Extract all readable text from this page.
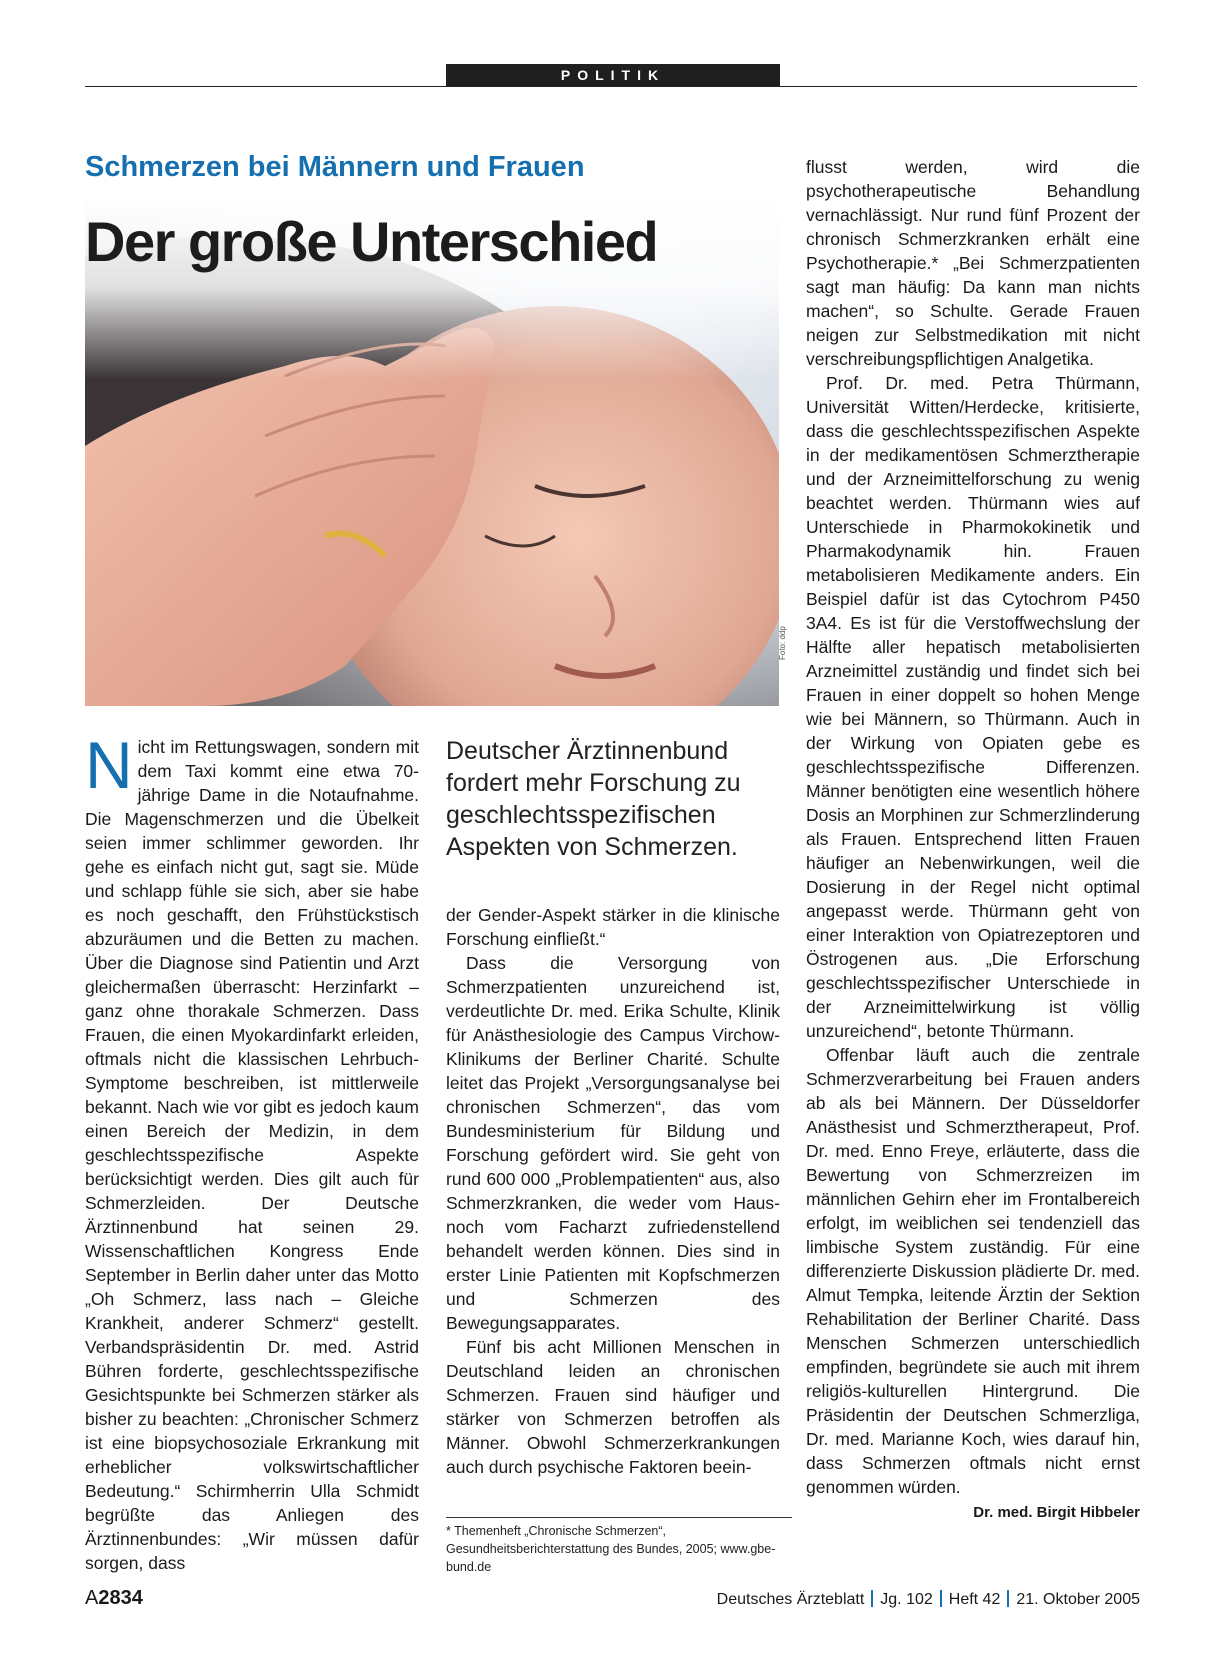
POLITIK
Schmerzen bei Männern und Frauen
Der große Unterschied
Foto: ddp

Nicht im Rettungswagen, sondern mit dem Taxi kommt eine etwa 70-jährige Dame in die Notaufnahme. Die Magenschmerzen und die Übelkeit seien immer schlimmer geworden. Ihr gehe es einfach nicht gut, sagt sie. Müde und schlapp fühle sie sich, aber sie habe es noch geschafft, den Frühstückstisch abzuräumen und die Betten zu machen. Über die Diagnose sind Patientin und Arzt gleichermaßen überrascht: Herzinfarkt – ganz ohne thorakale Schmerzen. Dass Frauen, die einen Myokardinfarkt erleiden, oftmals nicht die klassischen Lehrbuch-Symptome beschreiben, ist mittlerweile bekannt. Nach wie vor gibt es jedoch kaum einen Bereich der Medizin, in dem geschlechtsspezifische Aspekte berücksichtigt werden. Dies gilt auch für Schmerzleiden. Der Deutsche Ärztinnenbund hat seinen 29. Wissenschaftlichen Kongress Ende September in Berlin daher unter das Motto „Oh Schmerz, lass nach – Gleiche Krankheit, anderer Schmerz“ gestellt. Verbandspräsidentin Dr. med. Astrid Bühren forderte, geschlechtsspezifische Gesichtspunkte bei Schmerzen stärker als bisher zu beachten: „Chronischer Schmerz ist eine biopsychosoziale Erkrankung mit erheblicher volkswirtschaftlicher Bedeutung.“ Schirmherrin Ulla Schmidt begrüßte das Anliegen des Ärztinnenbundes: „Wir müssen dafür sorgen, dass

Deutscher Ärztinnenbund fordert mehr Forschung zu geschlechtsspezifischen Aspekten von Schmerzen.

der Gender-Aspekt stärker in die klinische Forschung einfließt.“

Dass die Versorgung von Schmerzpatienten unzureichend ist, verdeutlichte Dr. med. Erika Schulte, Klinik für Anästhesiologie des Campus Virchow-Klinikums der Berliner Charité. Schulte leitet das Projekt „Versorgungsanalyse bei chronischen Schmerzen“, das vom Bundesministerium für Bildung und Forschung gefördert wird. Sie geht von rund 600 000 „Problempatienten“ aus, also Schmerzkranken, die weder vom Haus- noch vom Facharzt zufriedenstellend behandelt werden können. Dies sind in erster Linie Patienten mit Kopfschmerzen und Schmerzen des Bewegungsapparates.

Fünf bis acht Millionen Menschen in Deutschland leiden an chronischen Schmerzen. Frauen sind häufiger und stärker von Schmerzen betroffen als Männer. Obwohl Schmerzerkrankungen auch durch psychische Faktoren beein-

* Themenheft „Chronische Schmerzen“, Gesundheitsberichterstattung des Bundes, 2005; www.gbe-bund.de

flusst werden, wird die psychotherapeutische Behandlung vernachlässigt. Nur rund fünf Prozent der chronisch Schmerzkranken erhält eine Psychotherapie.* „Bei Schmerzpatienten sagt man häufig: Da kann man nichts machen“, so Schulte. Gerade Frauen neigen zur Selbstmedikation mit nicht verschreibungspflichtigen Analgetika.

Prof. Dr. med. Petra Thürmann, Universität Witten/Herdecke, kritisierte, dass die geschlechtsspezifischen Aspekte in der medikamentösen Schmerztherapie und der Arzneimittelforschung zu wenig beachtet werden. Thürmann wies auf Unterschiede in Pharmokokinetik und Pharmakodynamik hin. Frauen metabolisieren Medikamente anders. Ein Beispiel dafür ist das Cytochrom P450 3A4. Es ist für die Verstoffwechslung der Hälfte aller hepatisch metabolisierten Arzneimittel zuständig und findet sich bei Frauen in einer doppelt so hohen Menge wie bei Männern, so Thürmann. Auch in der Wirkung von Opiaten gebe es geschlechtsspezifische Differenzen. Männer benötigten eine wesentlich höhere Dosis an Morphinen zur Schmerzlinderung als Frauen. Entsprechend litten Frauen häufiger an Nebenwirkungen, weil die Dosierung in der Regel nicht optimal angepasst werde. Thürmann geht von einer Interaktion von Opiatrezeptoren und Östrogenen aus. „Die Erforschung geschlechtsspezifischer Unterschiede in der Arzneimittelwirkung ist völlig unzureichend“, betonte Thürmann.

Offenbar läuft auch die zentrale Schmerzverarbeitung bei Frauen anders ab als bei Männern. Der Düsseldorfer Anästhesist und Schmerztherapeut, Prof. Dr. med. Enno Freye, erläuterte, dass die Bewertung von Schmerzreizen im männlichen Gehirn eher im Frontalbereich erfolgt, im weiblichen sei tendenziell das limbische System zuständig. Für eine differenzierte Diskussion plädierte Dr. med. Almut Tempka, leitende Ärztin der Sektion Rehabilitation der Berliner Charité. Dass Menschen Schmerzen unterschiedlich empfinden, begründete sie auch mit ihrem religiös-kulturellen Hintergrund. Die Präsidentin der Deutschen Schmerzliga, Dr. med. Marianne Koch, wies darauf hin, dass Schmerzen oftmals nicht ernst genommen würden.
Dr. med. Birgit Hibbeler

A2834	Deutsches Ärzteblatt Jg. 102 Heft 42 21. Oktober 2005
